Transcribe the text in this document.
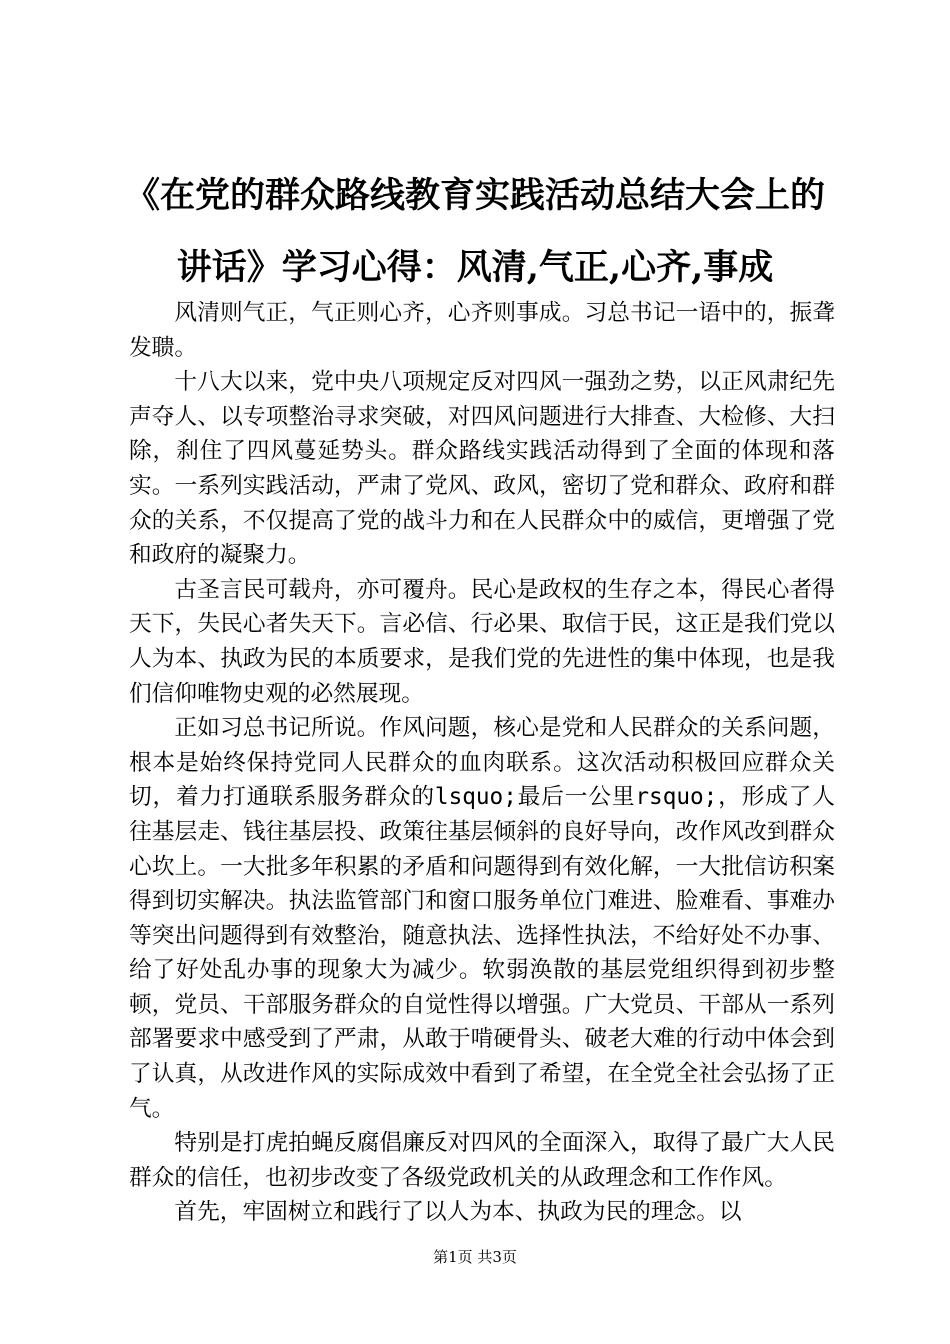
《在党的群众路线教育实践活动总结大会上的讲话》学习心得：风清,气正,心齐,事成

风清则气正，气正则心齐，心齐则事成。习总书记一语中的，振聋发聩。

十八大以来，党中央八项规定反对四风一强劲之势，以正风肃纪先声夺人、以专项整治寻求突破，对四风问题进行大排查、大检修、大扫除，刹住了四风蔓延势头。群众路线实践活动得到了全面的体现和落实。一系列实践活动，严肃了党风、政风，密切了党和群众、政府和群众的关系，不仅提高了党的战斗力和在人民群众中的威信，更增强了党和政府的凝聚力。

古圣言民可载舟，亦可覆舟。民心是政权的生存之本，得民心者得天下，失民心者失天下。言必信、行必果、取信于民，这正是我们党以人为本、执政为民的本质要求，是我们党的先进性的集中体现，也是我们信仰唯物史观的必然展现。

正如习总书记所说。作风问题，核心是党和人民群众的关系问题，根本是始终保持党同人民群众的血肉联系。这次活动积极回应群众关切，着力打通联系服务群众的lsquo;最后一公里rsquo;，形成了人往基层走、钱往基层投、政策往基层倾斜的良好导向，改作风改到群众心坎上。一大批多年积累的矛盾和问题得到有效化解，一大批信访积案得到切实解决。执法监管部门和窗口服务单位门难进、脸难看、事难办等突出问题得到有效整治，随意执法、选择性执法，不给好处不办事、给了好处乱办事的现象大为减少。软弱涣散的基层党组织得到初步整顿，党员、干部服务群众的自觉性得以增强。广大党员、干部从一系列部署要求中感受到了严肃，从敢于啃硬骨头、破老大难的行动中体会到了认真，从改进作风的实际成效中看到了希望，在全党全社会弘扬了正气。

特别是打虎拍蝇反腐倡廉反对四风的全面深入，取得了最广大人民群众的信任，也初步改变了各级党政机关的从政理念和工作作风。

首先，牢固树立和践行了以人为本、执政为民的理念。以

第1页 共3页
